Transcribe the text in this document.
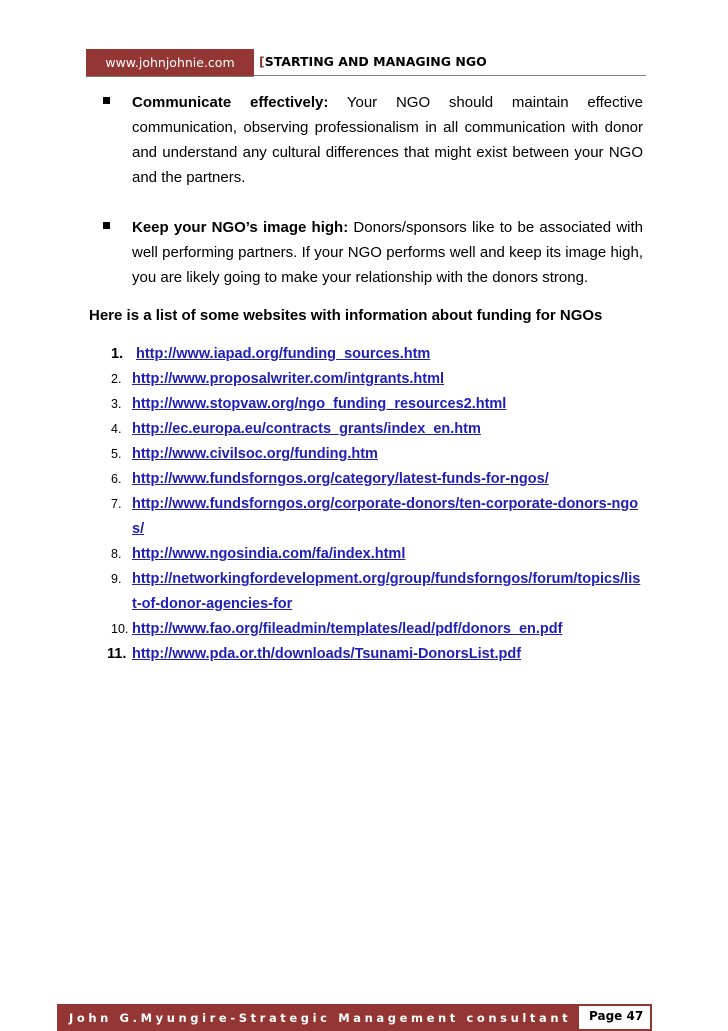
www.johnjohnie.com	[STARTING AND MANAGING NGO

Communicate effectively: Your NGO should maintain effective communication, observing professionalism in all communication with donor and understand any cultural differences that might exist between your NGO and the partners.

Keep your NGO’s image high: Donors/sponsors like to be associated with well performing partners. If your NGO performs well and keep its image high, you are likely going to make your relationship with the donors strong.

Here is a list of some websites with information about funding for NGOs
1. http://www.iapad.org/funding_sources.htm
2. http://www.proposalwriter.com/intgrants.html
3. http://www.stopvaw.org/ngo_funding_resources2.html
4. http://ec.europa.eu/contracts_grants/index_en.htm
5. http://www.civilsoc.org/funding.htm
6. http://www.fundsforngos.org/category/latest-funds-for-ngos/
7. http://www.fundsforngos.org/corporate-donors/ten-corporate-donors-ngos/
8. http://www.ngosindia.com/fa/index.html
9. http://networkingfordevelopment.org/group/fundsforngos/forum/topics/list-of-donor-agencies-for
10. http://www.fao.org/fileadmin/templates/lead/pdf/donors_en.pdf
11. http://www.pda.or.th/downloads/Tsunami-DonorsList.pdf
John G.Myungire-Strategic Management consultant Page 47
